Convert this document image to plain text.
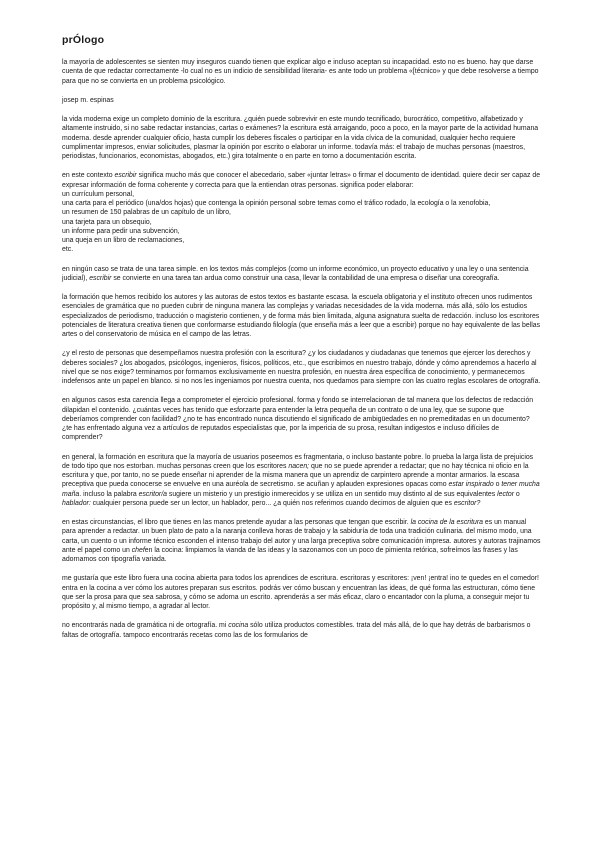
prÓlogo

la mayoría de adolescentes se sienten muy inseguros cuando tienen que explicar algo e incluso aceptan su incapacidad. esto no es bueno. hay que darse cuenta de que redactar correctamente -lo cual no es un indicio de sensibilidad literaria- es ante todo un problema «[técnico» y que debe resolverse a tiempo para que no se convierta en un problema psicológico.

josep m. espinas

la vida moderna exige un completo dominio de la escritura. ¿quién puede sobrevivir en este mundo tecnificado, burocrático, competitivo, alfabetizado y altamente instruido, si no sabe redactar instancias, cartas o exámenes? la escritura está arraigando, poco a poco, en la mayor parte de la actividad humana moderna. desde aprender cualquier oficio, hasta cumplir los deberes fiscales o participar en la vida cívica de la comunidad, cualquier hecho requiere cumplimentar impresos, enviar solicitudes, plasmar la opinión por escrito o elaborar un informe. todavía más: el trabajo de muchas personas (maestros, periodistas, funcionarios, economistas, abogados, etc.) gira totalmente o en parte en torno a documentación escrita.

en este contexto escribir significa mucho más que conocer el abecedario, saber «juntar letras» o firmar el documento de identidad. quiere decir ser capaz de expresar información de forma coherente y correcta para que la entiendan otras personas. significa poder elaborar:
un currículum personal,
una carta para el periódico (una/dos hojas) que contenga la opinión personal sobre temas como el tráfico rodado, la ecología o la xenofobia,
un resumen de 150 palabras de un capítulo de un libro,
una tarjeta para un obsequio,
un informe para pedir una subvención,
una queja en un libro de reclamaciones,
etc.

en ningún caso se trata de una tarea simple. en los textos más complejos (como un informe económico, un proyecto educativo y una ley o una sentencia judicial), escribir se convierte en una tarea tan ardua como construir una casa, llevar la contabilidad de una empresa o diseñar una coreografía.

la formación que hemos recibido los autores y las autoras de estos textos es bastante escasa. la escuela obligatoria y el instituto ofrecen unos rudimentos esenciales de gramática que no pueden cubrir de ninguna manera las complejas y variadas necesidades de la vida moderna. más allá, sólo los estudios especializados de periodismo, traducción o magisterio contienen, y de forma más bien limitada, alguna asignatura suelta de redacción. incluso los escritores potenciales de literatura creativa tienen que conformarse estudiando filología (que enseña más a leer que a escribir) porque no hay equivalente de las bellas artes o del conservatorio de música en el campo de las letras.

¿y el resto de personas que desempeñamos nuestra profesión con la escritura? ¿y los ciudadanos y ciudadanas que tenemos que ejercer los derechos y deberes sociales? ¿los abogados, psicólogos, ingenieros, físicos, políticos, etc., que escribimos en nuestro trabajo, dónde y cómo aprendemos a hacerlo al nivel que se nos exige? terminamos por formarnos exclusivamente en nuestra profesión, en nuestra área específica de conocimiento, y permanecemos indefensos ante un papel en blanco. si no nos les ingeniamos por nuestra cuenta, nos quedamos para siempre con las cuatro reglas escolares de ortografía.

en algunos casos esta carencia llega a comprometer el ejercicio profesional. forma y fondo se interrelacionan de tal manera que los defectos de redacción dilapidan el contenido. ¿cuántas veces has tenido que esforzarte para entender la letra pequeña de un contrato o de una ley, que se supone que deberíamos comprender con facilidad? ¿no te has encontrado nunca discutiendo el significado de ambigüedades en no premeditadas en un documento? ¿te has enfrentado alguna vez a artículos de reputados especialistas que, por la impericia de su prosa, resultan indigestos e incluso difíciles de comprender?

en general, la formación en escritura que la mayoría de usuarios poseemos es fragmentaria, o incluso bastante pobre. lo prueba la larga lista de prejuicios de todo tipo que nos estorban. muchas personas creen que los escritores nacen; que no se puede aprender a redactar; que no hay técnica ni oficio en la escritura y que, por tanto, no se puede enseñar ni aprender de la misma manera que un aprendiz de carpintero aprende a montar armarios. la escasa preceptiva que pueda conocerse se envuelve en una auréola de secretismo. se acuñan y aplauden expresiones opacas como estar inspirado o tener mucha maña. incluso la palabra escritor/a sugiere un misterio y un prestigio inmerecidos y se utiliza en un sentido muy distinto al de sus equivalentes lector o hablador: cualquier persona puede ser un lector, un hablador, pero... ¿a quién nos referimos cuando decimos de alguien que es escritor?

en estas circunstancias, el libro que tienes en las manos pretende ayudar a las personas que tengan que escribir. la cocina de la escritura es un manual para aprender a redactar. un buen plato de pato a la naranja conlleva horas de trabajo y la sabiduría de toda una tradición culinaria. del mismo modo, una carta, un cuento o un informe técnico esconden el intenso trabajo del autor y una larga preceptiva sobre comunicación impresa. autores y autoras trajinamos ante el papel como un chefen la cocina: limpiamos la vianda de las ideas y la sazonamos con un poco de pimienta retórica, sofreímos las frases y las adornamos con tipografía variada.

me gustaría que este libro fuera una cocina abierta para todos los aprendices de escritura. escritoras y escritores: ¡ven! ¡entra! ino te quedes en el comedor! entra en la cocina a ver cómo los autores preparan sus escritos. podrás ver cómo buscan y encuentran las ideas, de qué forma las estructuran, cómo tiene que ser la prosa para que sea sabrosa, y cómo se adorna un escrito. aprenderás a ser más eficaz, claro o encantador con la pluma, a conseguir mejor tu propósito y, al mismo tiempo, a agradar al lector.

no encontrarás nada de gramática ni de ortografía. mi cocina sólo utiliza productos comestibles. trata del más allá, de lo que hay detrás de barbarismos o faltas de ortografía. tampoco encontrarás recetas como las de los formularios de
